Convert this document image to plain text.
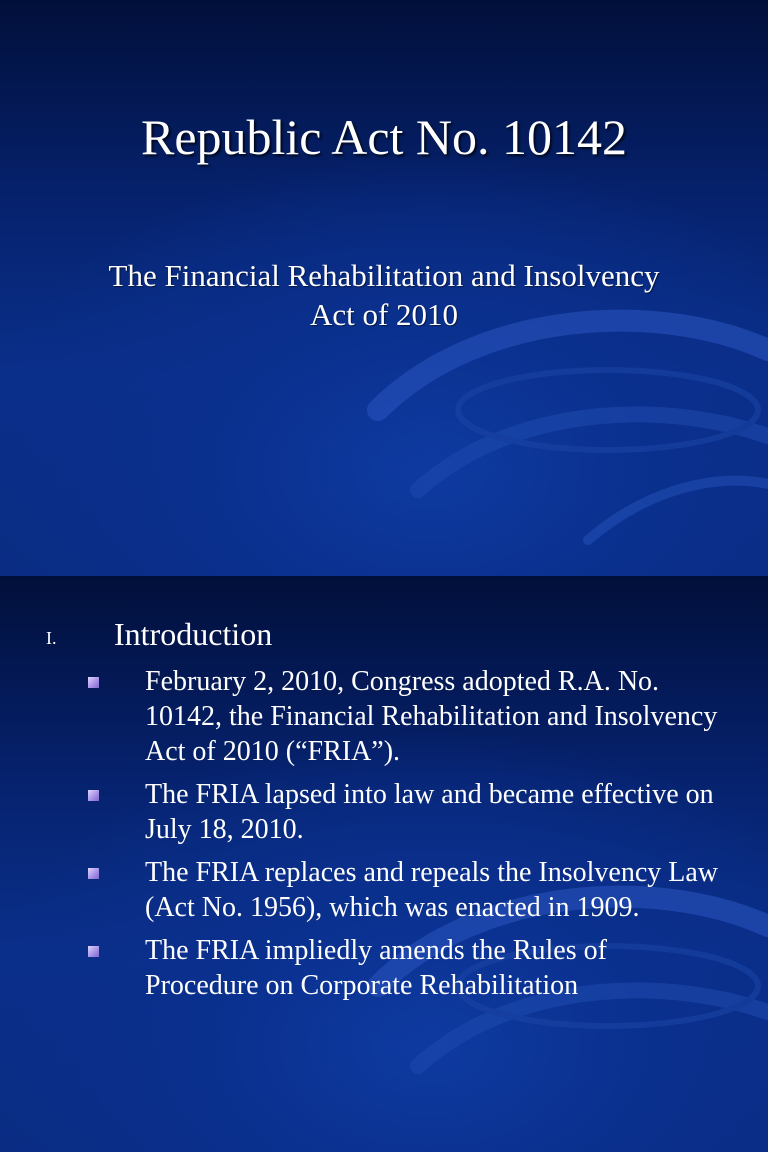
Republic Act No. 10142
The Financial Rehabilitation and Insolvency
Act of 2010
I. Introduction
February 2, 2010, Congress adopted R.A. No. 10142, the Financial Rehabilitation and Insolvency Act of 2010 (“FRIA”).
The FRIA lapsed into law and became effective on July 18, 2010.
The FRIA replaces and repeals the Insolvency Law (Act No. 1956), which was enacted in 1909.
The FRIA impliedly amends the Rules of Procedure on Corporate Rehabilitation
